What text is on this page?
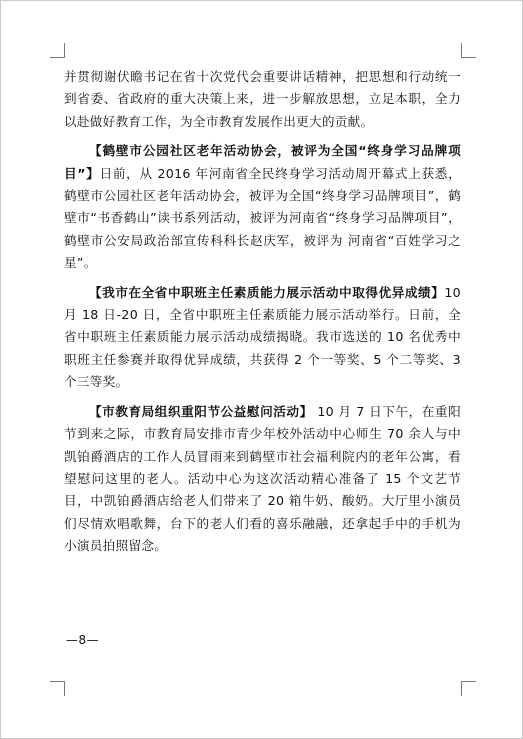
并贯彻谢伏瞻书记在省十次党代会重要讲话精神，把思想和行动统一到省委、省政府的重大决策上来，进一步解放思想，立足本职，全力以赴做好教育工作，为全市教育发展作出更大的贡献。

【鹤壁市公园社区老年活动协会，被评为全国“终身学习品牌项目”】日前，从 2016 年河南省全民终身学习活动周开幕式上获悉，鹤壁市公园社区老年活动协会，被评为全国“终身学习品牌项目”，鹤壁市“书香鹤山”读书系列活动，被评为河南省“终身学习品牌项目”， 鹤壁市公安局政治部宣传科科长赵庆军，被评为 河南省“百姓学习之星”。

【我市在全省中职班主任素质能力展示活动中取得优异成绩】10 月 18 日-20 日，全省中职班主任素质能力展示活动举行。日前，全省中职班主任素质能力展示活动成绩揭晓。我市选送的 10 名优秀中职班主任参赛并取得优异成绩，共获得 2 个一等奖、5 个二等奖、3 个三等奖。

【市教育局组织重阳节公益慰问活动】 10 月 7 日下午，在重阳节到来之际，市教育局安排市青少年校外活动中心师生 70 余人与中凯铂爵酒店的工作人员冒雨来到鹤壁市社会福利院内的老年公寓，看望慰问这里的老人。活动中心为这次活动精心准备了 15 个文艺节目，中凯铂爵酒店给老人们带来了 20 箱牛奶、酸奶。大厅里小演员们尽情欢唱歌舞，台下的老人们看的喜乐融融，还拿起手中的手机为小演员拍照留念。

—8—
